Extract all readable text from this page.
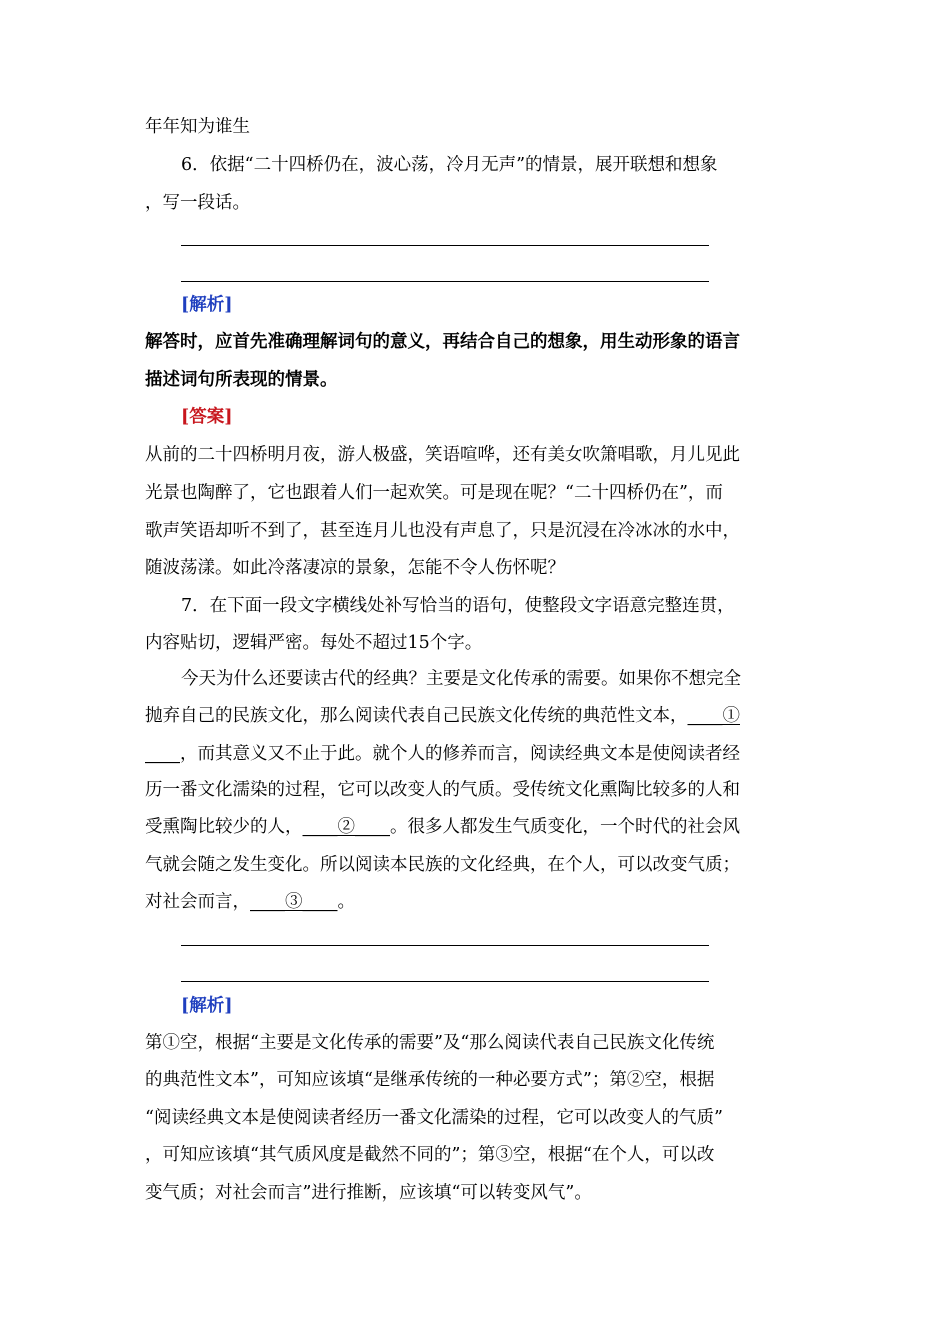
年年知为谁生
6．依据“二十四桥仍在，波心荡，冷月无声”的情景，展开联想和想象
，写一段话。
[解析]
解答时，应首先准确理解词句的意义，再结合自己的想象，用生动形象的语言
描述词句所表现的情景。
[答案]
从前的二十四桥明月夜，游人极盛，笑语喧哗，还有美女吹箫唱歌，月儿见此
光景也陶醉了，它也跟着人们一起欢笑。可是现在呢？“二十四桥仍在”，而
歌声笑语却听不到了，甚至连月儿也没有声息了，只是沉浸在冷冰冰的水中，
随波荡漾。如此冷落凄凉的景象，怎能不令人伤怀呢？
7．在下面一段文字横线处补写恰当的语句，使整段文字语意完整连贯，
内容贴切，逻辑严密。每处不超过15个字。
今天为什么还要读古代的经典？主要是文化传承的需要。如果你不想完全
抛弃自己的民族文化，那么阅读代表自己民族文化传统的典范性文本，____①
____，而其意义又不止于此。就个人的修养而言，阅读经典文本是使阅读者经
历一番文化濡染的过程，它可以改变人的气质。受传统文化熏陶比较多的人和
受熏陶比较少的人，____②____。很多人都发生气质变化，一个时代的社会风
气就会随之发生变化。所以阅读本民族的文化经典，在个人，可以改变气质；
对社会而言，____③____。
[解析]
第①空，根据“主要是文化传承的需要”及“那么阅读代表自己民族文化传统
的典范性文本”，可知应该填“是继承传统的一种必要方式”；第②空，根据
“阅读经典文本是使阅读者经历一番文化濡染的过程，它可以改变人的气质”
，可知应该填“其气质风度是截然不同的”；第③空，根据“在个人，可以改
变气质；对社会而言”进行推断，应该填“可以转变风气”。
